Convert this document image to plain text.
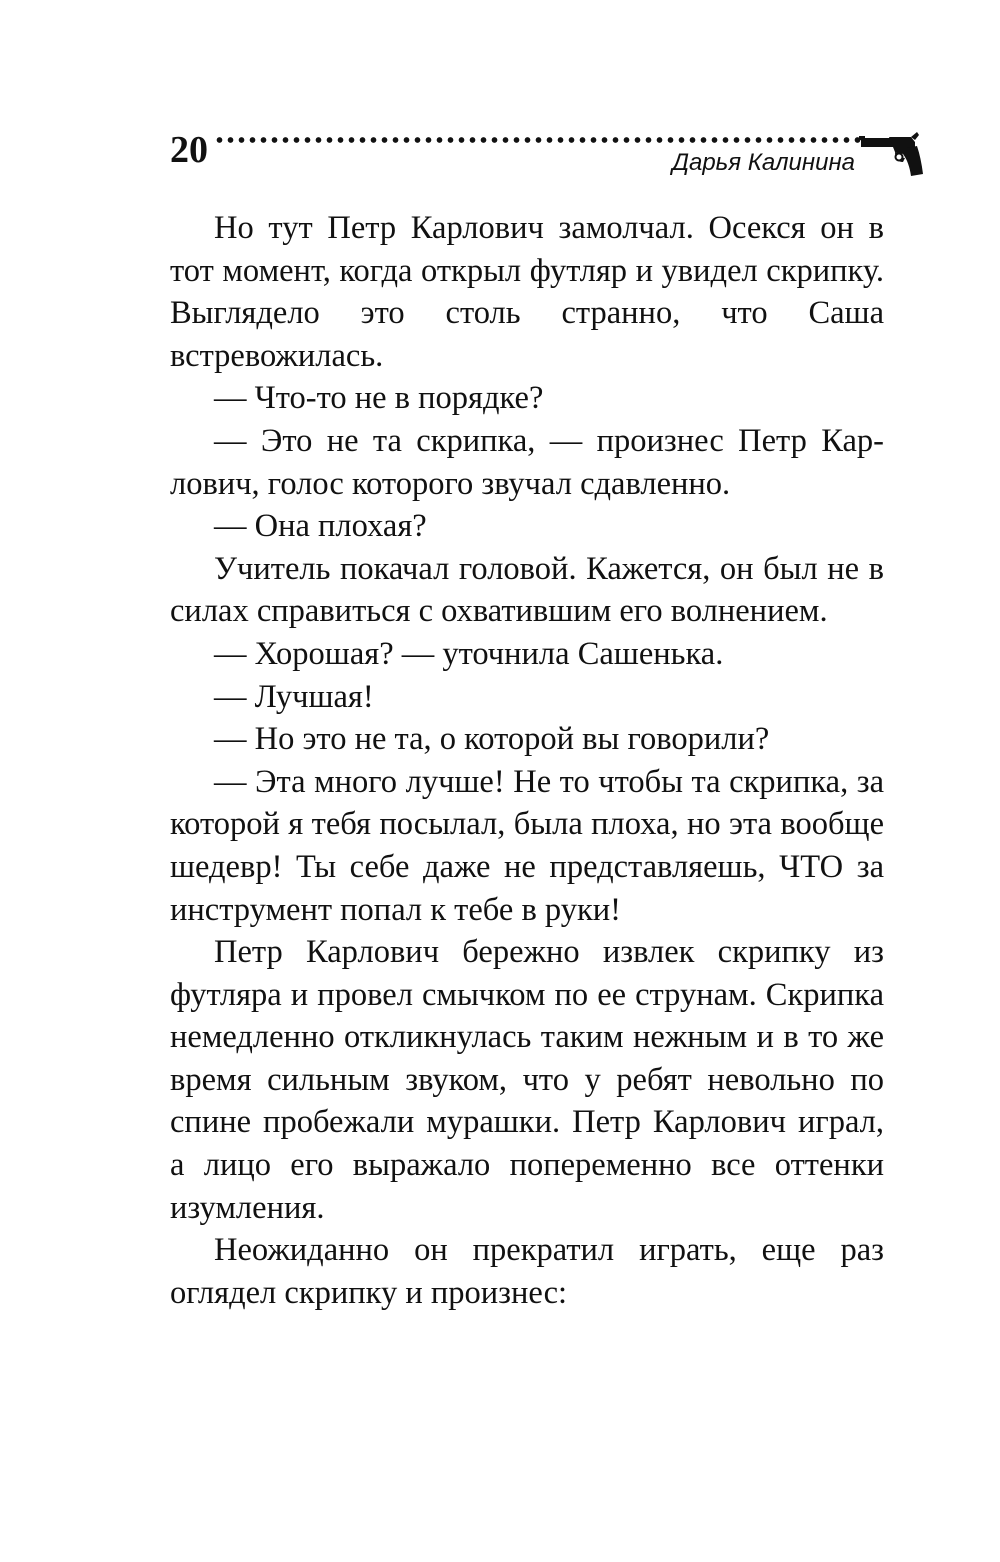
20	Дарья Калинина

Но тут Петр Карлович замолчал. Осекся он в тот момент, когда открыл футляр и увидел скрипку. Выглядело это столь странно, что Саша встревожилась.

— Что-то не в порядке?

— Это не та скрипка, — произнес Петр Карлович, голос которого звучал сдавленно.

— Она плохая?

Учитель покачал головой. Кажется, он был не в силах справиться с охватившим его волнением.

— Хорошая? — уточнила Сашенька.

— Лучшая!

— Но это не та, о которой вы говорили?

— Эта много лучше! Не то чтобы та скрипка, за которой я тебя посылал, была плоха, но эта вообще шедевр! Ты себе даже не представляешь, ЧТО за инструмент попал к тебе в руки!

Петр Карлович бережно извлек скрипку из футляра и провел смычком по ее струнам. Скрипка немедленно откликнулась таким нежным и в то же время сильным звуком, что у ребят невольно по спине пробежали мурашки. Петр Карлович играл, а лицо его выражало попеременно все оттенки изумления.

Неожиданно он прекратил играть, еще раз оглядел скрипку и произнес:
